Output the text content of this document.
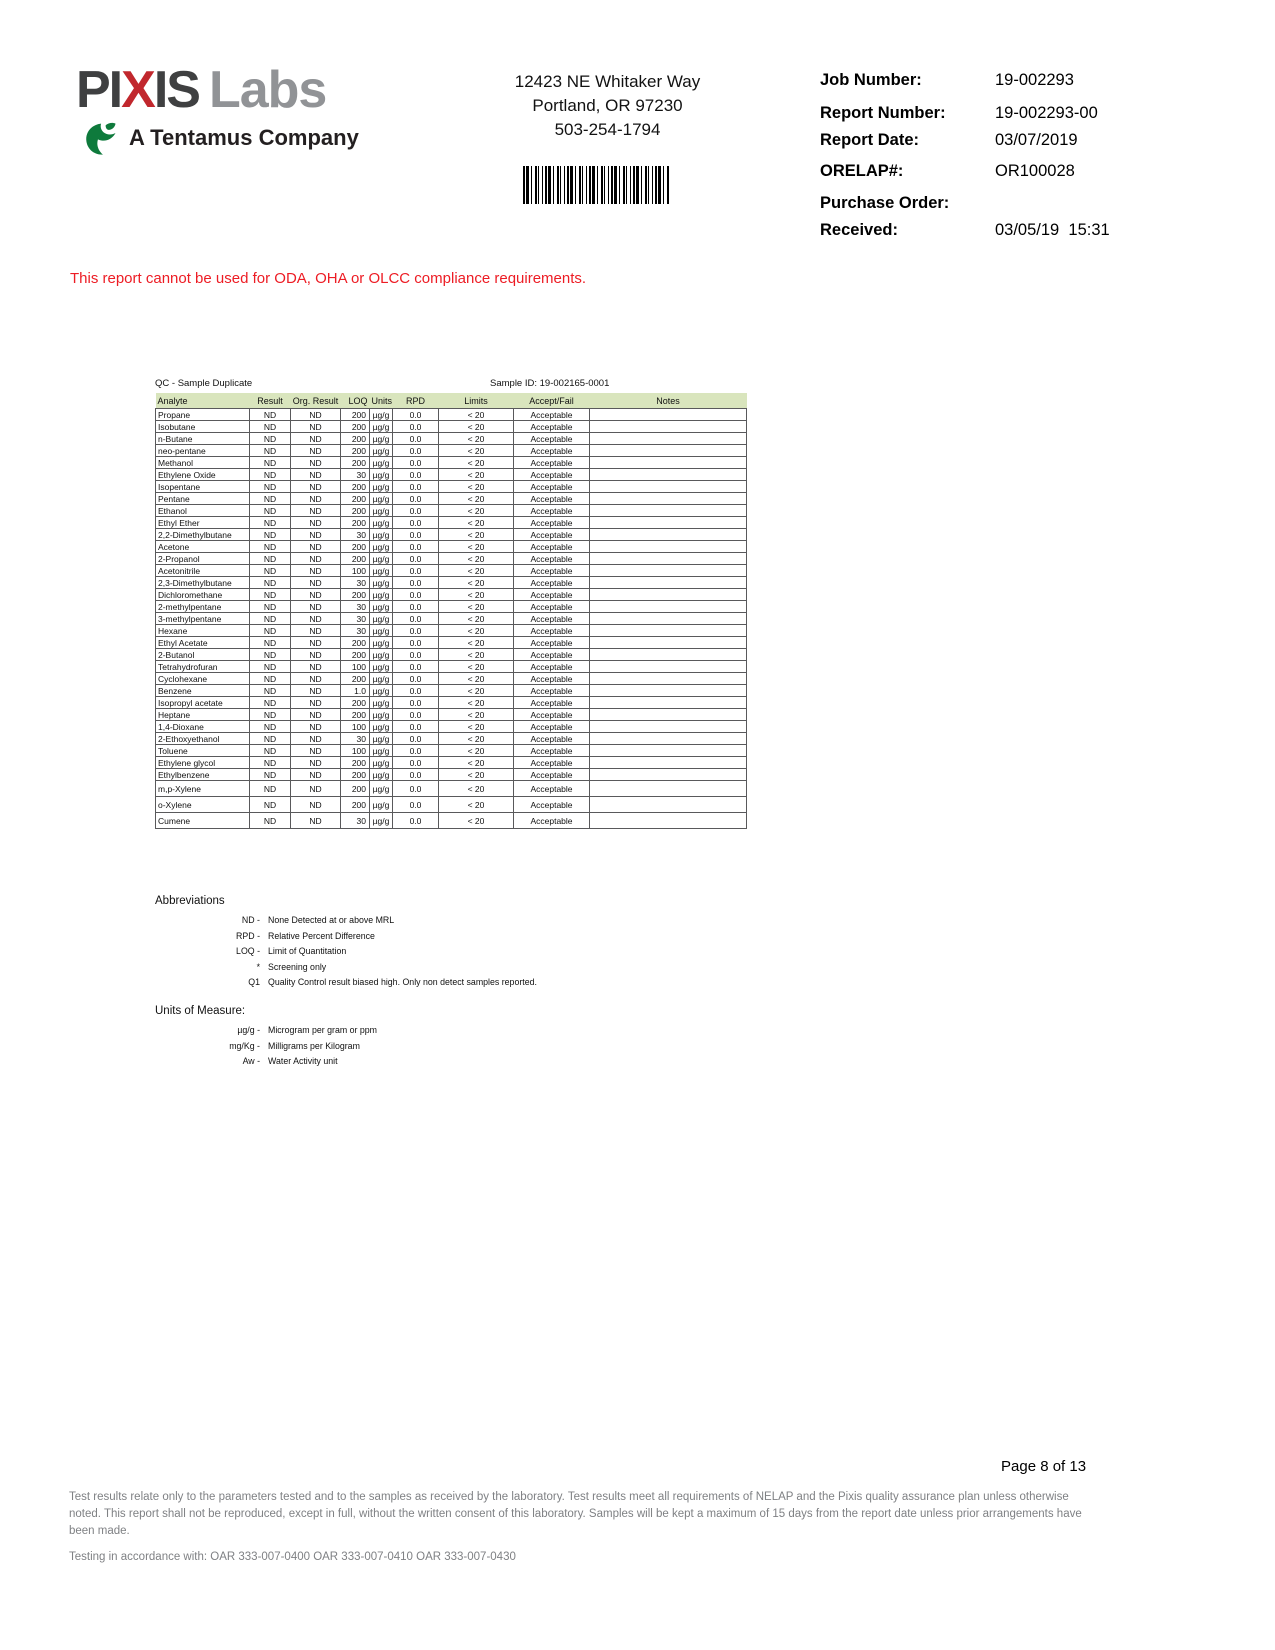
PIXIS Labs
A Tentamus Company
12423 NE Whitaker Way
Portland, OR 97230
503-254-1794
Job Number:	19-002293
Report Number:	19-002293-00
Report Date:	03/07/2019
ORELAP#:	OR100028
Purchase Order:
Received:	03/05/19  15:31
This report cannot be used for ODA, OHA or OLCC compliance requirements.
QC - Sample Duplicate	Sample ID: 19-002165-0001
Analyte	Result	Org. Result	LOQ	Units	RPD	Limits	Accept/Fail	Notes
Propane	ND	ND	200	µg/g	0.0	< 20	Acceptable	
Isobutane	ND	ND	200	µg/g	0.0	< 20	Acceptable	
n-Butane	ND	ND	200	µg/g	0.0	< 20	Acceptable	
neo-pentane	ND	ND	200	µg/g	0.0	< 20	Acceptable	
Methanol	ND	ND	200	µg/g	0.0	< 20	Acceptable	
Ethylene Oxide	ND	ND	30	µg/g	0.0	< 20	Acceptable	
Isopentane	ND	ND	200	µg/g	0.0	< 20	Acceptable	
Pentane	ND	ND	200	µg/g	0.0	< 20	Acceptable	
Ethanol	ND	ND	200	µg/g	0.0	< 20	Acceptable	
Ethyl Ether	ND	ND	200	µg/g	0.0	< 20	Acceptable	
2,2-Dimethylbutane	ND	ND	30	µg/g	0.0	< 20	Acceptable	
Acetone	ND	ND	200	µg/g	0.0	< 20	Acceptable	
2-Propanol	ND	ND	200	µg/g	0.0	< 20	Acceptable	
Acetonitrile	ND	ND	100	µg/g	0.0	< 20	Acceptable	
2,3-Dimethylbutane	ND	ND	30	µg/g	0.0	< 20	Acceptable	
Dichloromethane	ND	ND	200	µg/g	0.0	< 20	Acceptable	
2-methylpentane	ND	ND	30	µg/g	0.0	< 20	Acceptable	
3-methylpentane	ND	ND	30	µg/g	0.0	< 20	Acceptable	
Hexane	ND	ND	30	µg/g	0.0	< 20	Acceptable	
Ethyl Acetate	ND	ND	200	µg/g	0.0	< 20	Acceptable	
2-Butanol	ND	ND	200	µg/g	0.0	< 20	Acceptable	
Tetrahydrofuran	ND	ND	100	µg/g	0.0	< 20	Acceptable	
Cyclohexane	ND	ND	200	µg/g	0.0	< 20	Acceptable	
Benzene	ND	ND	1.0	µg/g	0.0	< 20	Acceptable	
Isopropyl acetate	ND	ND	200	µg/g	0.0	< 20	Acceptable	
Heptane	ND	ND	200	µg/g	0.0	< 20	Acceptable	
1,4-Dioxane	ND	ND	100	µg/g	0.0	< 20	Acceptable	
2-Ethoxyethanol	ND	ND	30	µg/g	0.0	< 20	Acceptable	
Toluene	ND	ND	100	µg/g	0.0	< 20	Acceptable	
Ethylene glycol	ND	ND	200	µg/g	0.0	< 20	Acceptable	
Ethylbenzene	ND	ND	200	µg/g	0.0	< 20	Acceptable	
m,p-Xylene	ND	ND	200	µg/g	0.0	< 20	Acceptable	
o-Xylene	ND	ND	200	µg/g	0.0	< 20	Acceptable	
Cumene	ND	ND	30	µg/g	0.0	< 20	Acceptable	
Abbreviations
ND - None Detected at or above MRL
RPD - Relative Percent Difference
LOQ - Limit of Quantitation
* Screening only
Q1 Quality Control result biased high. Only non detect samples reported.
Units of Measure:
µg/g - Microgram per gram or ppm
mg/Kg - Milligrams per Kilogram
Aw - Water Activity unit
Page 8 of 13
Test results relate only to the parameters tested and to the samples as received by the laboratory. Test results meet all requirements of NELAP and the Pixis quality assurance plan unless otherwise noted. This report shall not be reproduced, except in full, without the written consent of this laboratory. Samples will be kept a maximum of 15 days from the report date unless prior arrangements have been made.
Testing in accordance with: OAR 333-007-0400 OAR 333-007-0410 OAR 333-007-0430
